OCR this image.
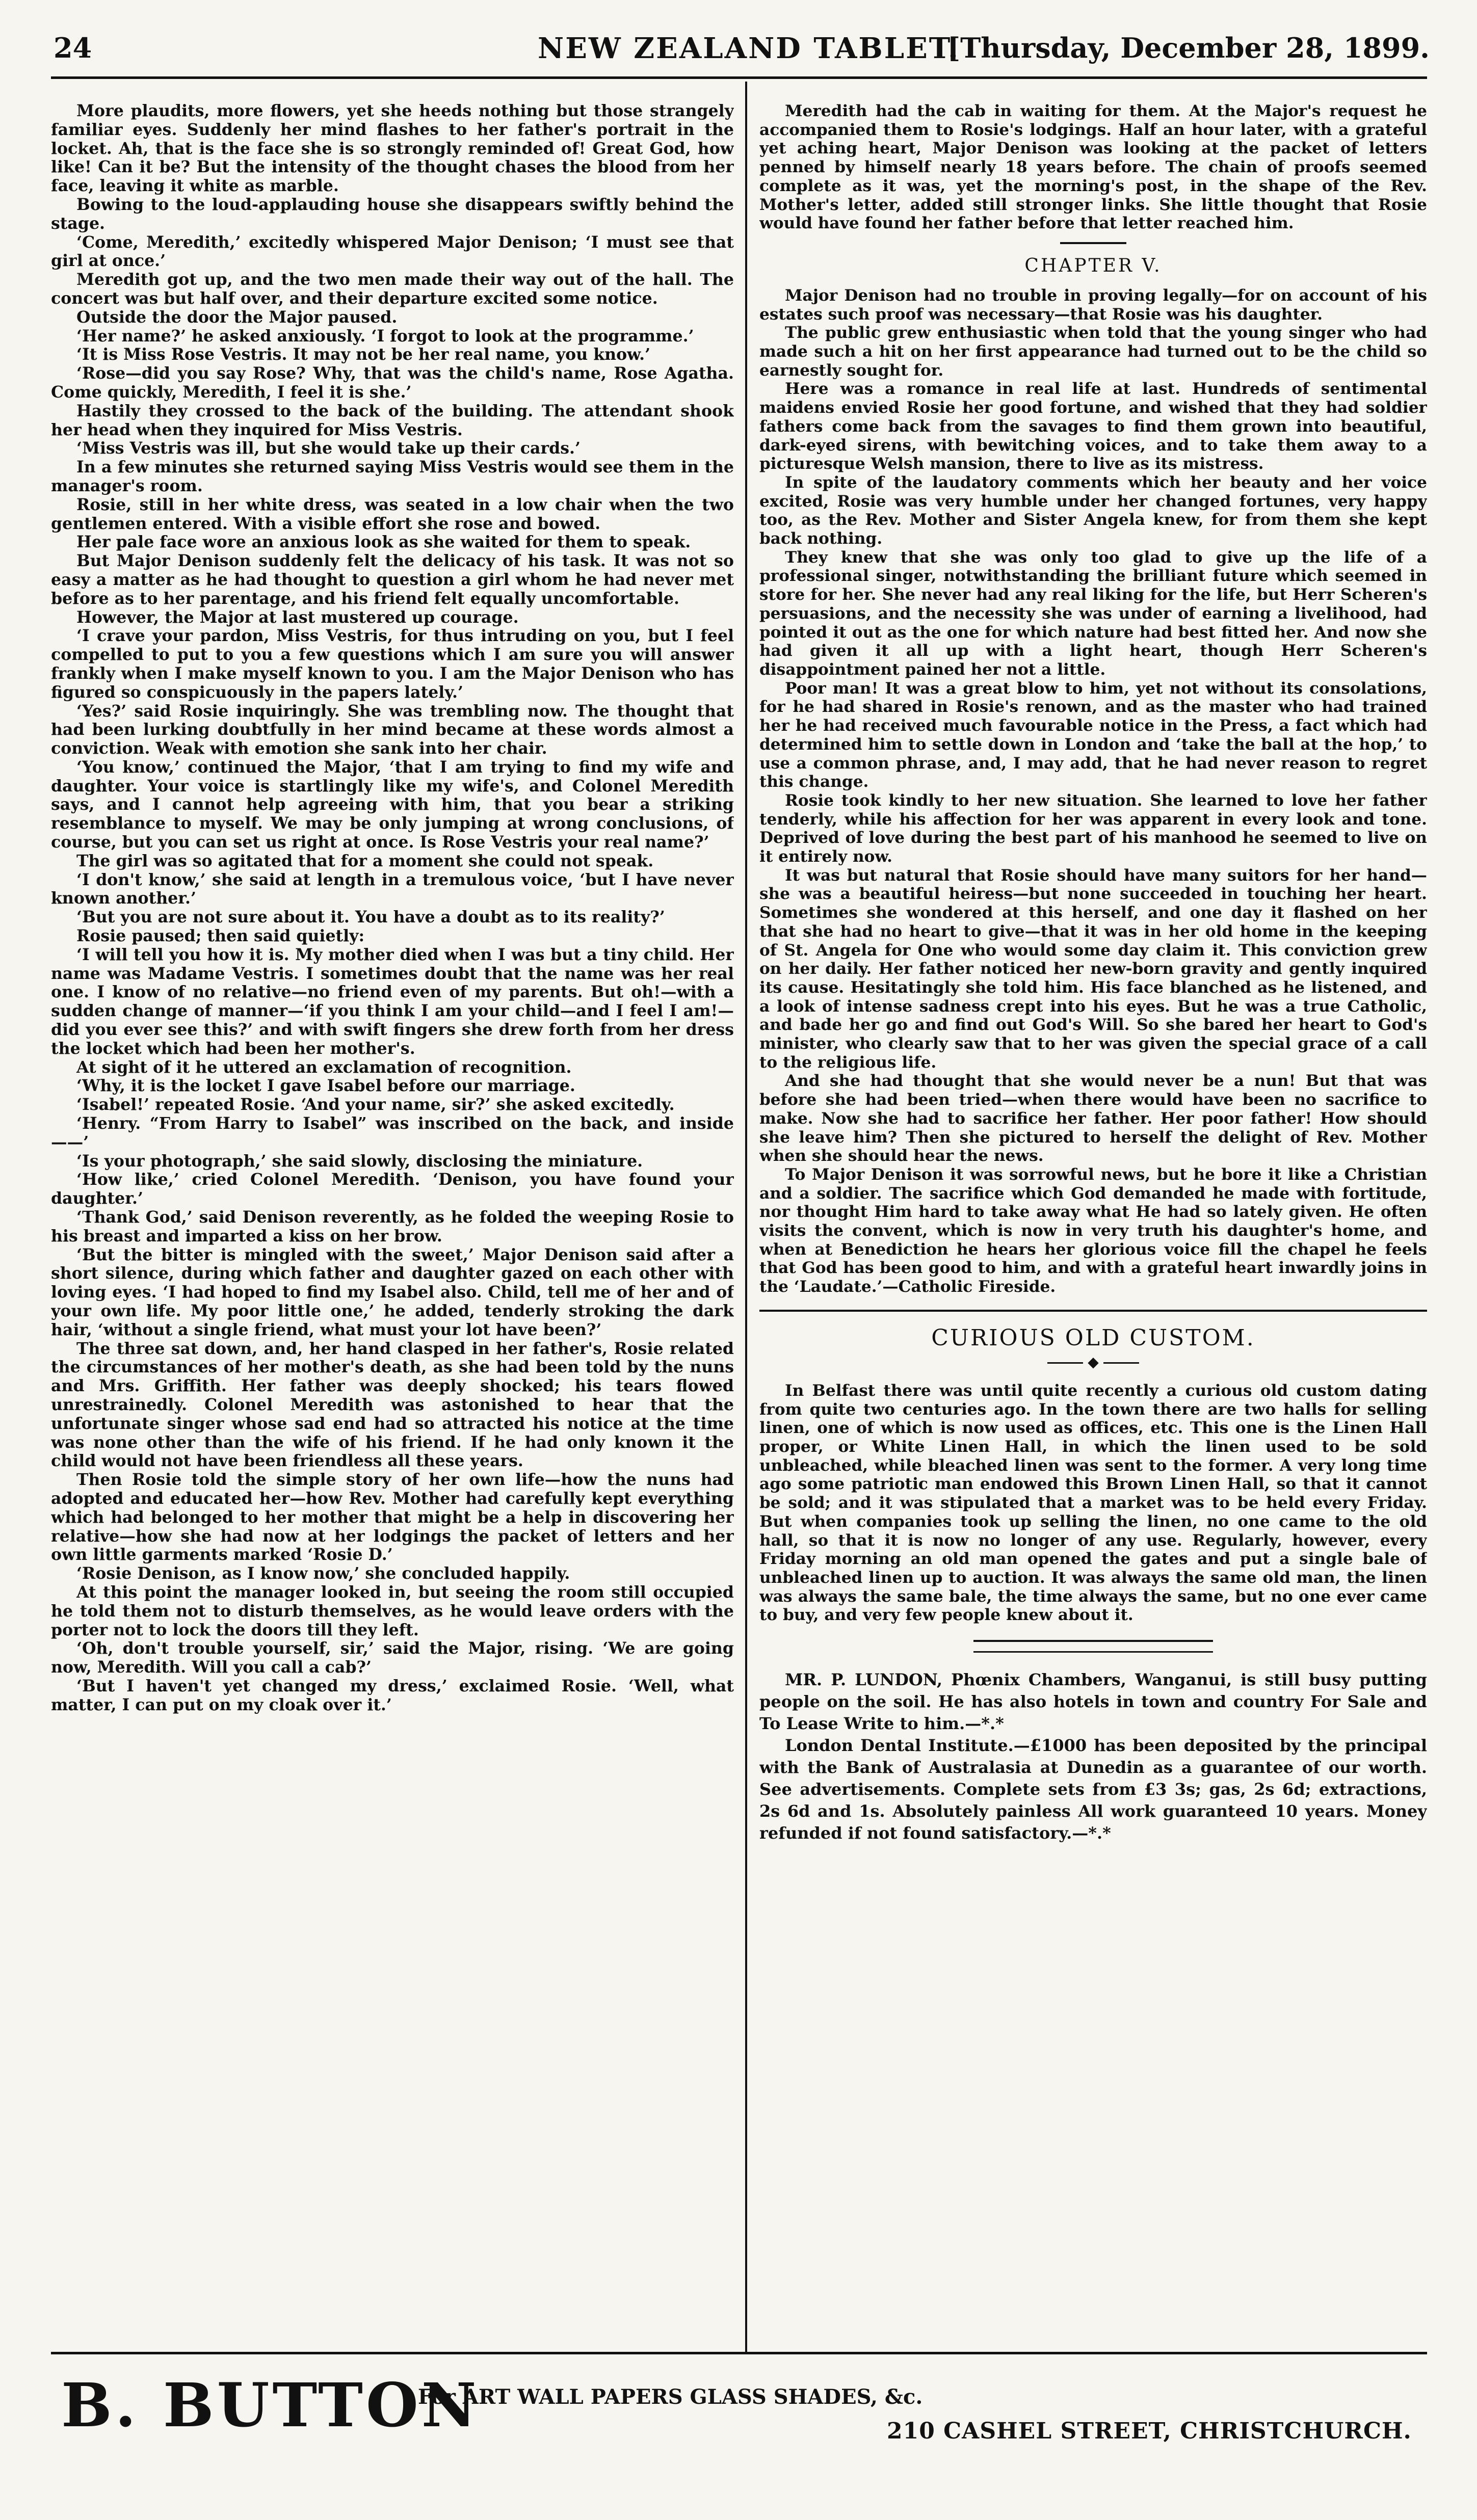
24	NEW ZEALAND TABLET.
[Thursday, December 28, 1899.

More plaudits, more flowers, yet she heeds nothing but those strangely familiar eyes. Suddenly her mind flashes to her father's portrait in the locket. Ah, that is the face she is so strongly reminded of! Great God, how like! Can it be? But the intensity of the thought chases the blood from her face, leaving it white as marble.

Bowing to the loud-applauding house she disappears swiftly behind the stage.

‘Come, Meredith,’ excitedly whispered Major Denison; ‘I must see that girl at once.’

Meredith got up, and the two men made their way out of the hall. The concert was but half over, and their departure excited some notice.

Outside the door the Major paused.

‘Her name?’ he asked anxiously. ‘I forgot to look at the programme.’

‘It is Miss Rose Vestris. It may not be her real name, you know.’

‘Rose—did you say Rose? Why, that was the child's name, Rose Agatha. Come quickly, Meredith, I feel it is she.’

Hastily they crossed to the back of the building. The attendant shook her head when they inquired for Miss Vestris.

‘Miss Vestris was ill, but she would take up their cards.’

In a few minutes she returned saying Miss Vestris would see them in the manager's room.

Rosie, still in her white dress, was seated in a low chair when the two gentlemen entered. With a visible effort she rose and bowed.

Her pale face wore an anxious look as she waited for them to speak.

But Major Denison suddenly felt the delicacy of his task. It was not so easy a matter as he had thought to question a girl whom he had never met before as to her parentage, and his friend felt equally uncomfortable.

However, the Major at last mustered up courage.

‘I crave your pardon, Miss Vestris, for thus intruding on you, but I feel compelled to put to you a few questions which I am sure you will answer frankly when I make myself known to you. I am the Major Denison who has figured so conspicuously in the papers lately.’

‘Yes?’ said Rosie inquiringly. She was trembling now. The thought that had been lurking doubtfully in her mind became at these words almost a conviction. Weak with emotion she sank into her chair.

‘You know,’ continued the Major, ‘that I am trying to find my wife and daughter. Your voice is startlingly like my wife's, and Colonel Meredith says, and I cannot help agreeing with him, that you bear a striking resemblance to myself. We may be only jumping at wrong conclusions, of course, but you can set us right at once. Is Rose Vestris your real name?’

The girl was so agitated that for a moment she could not speak.

‘I don't know,’ she said at length in a tremulous voice, ‘but I have never known another.’

‘But you are not sure about it. You have a doubt as to its reality?’

Rosie paused; then said quietly:

‘I will tell you how it is. My mother died when I was but a tiny child. Her name was Madame Vestris. I sometimes doubt that the name was her real one. I know of no relative—no friend even of my parents. But oh!—with a sudden change of manner—‘if you think I am your child—and I feel I am!—did you ever see this?’ and with swift fingers she drew forth from her dress the locket which had been her mother's.

At sight of it he uttered an exclamation of recognition.

‘Why, it is the locket I gave Isabel before our marriage.

‘Isabel!’ repeated Rosie. ‘And your name, sir?’ she asked excitedly.

‘Henry. “From Harry to Isabel” was inscribed on the back, and inside——’

‘Is your photograph,’ she said slowly, disclosing the miniature.

‘How like,’ cried Colonel Meredith. ‘Denison, you have found your daughter.’

‘Thank God,’ said Denison reverently, as he folded the weeping Rosie to his breast and imparted a kiss on her brow.

‘But the bitter is mingled with the sweet,’ Major Denison said after a short silence, during which father and daughter gazed on each other with loving eyes. ‘I had hoped to find my Isabel also. Child, tell me of her and of your own life. My poor little one,’ he added, tenderly stroking the dark hair, ‘without a single friend, what must your lot have been?’

The three sat down, and, her hand clasped in her father's, Rosie related the circumstances of her mother's death, as she had been told by the nuns and Mrs. Griffith. Her father was deeply shocked; his tears flowed unrestrainedly. Colonel Meredith was astonished to hear that the unfortunate singer whose sad end had so attracted his notice at the time was none other than the wife of his friend. If he had only known it the child would not have been friendless all these years.

Then Rosie told the simple story of her own life—how the nuns had adopted and educated her—how Rev. Mother had carefully kept everything which had belonged to her mother that might be a help in discovering her relative—how she had now at her lodgings the packet of letters and her own little garments marked ‘Rosie D.’

‘Rosie Denison, as I know now,’ she concluded happily.

At this point the manager looked in, but seeing the room still occupied he told them not to disturb themselves, as he would leave orders with the porter not to lock the doors till they left.

‘Oh, don't trouble yourself, sir,’ said the Major, rising. ‘We are going now, Meredith. Will you call a cab?’

‘But I haven't yet changed my dress,’ exclaimed Rosie. ‘Well, what matter, I can put on my cloak over it.’

Meredith had the cab in waiting for them. At the Major's request he accompanied them to Rosie's lodgings. Half an hour later, with a grateful yet aching heart, Major Denison was looking at the packet of letters penned by himself nearly 18 years before. The chain of proofs seemed complete as it was, yet the morning's post, in the shape of the Rev. Mother's letter, added still stronger links. She little thought that Rosie would have found her father before that letter reached him.

CHAPTER V.

Major Denison had no trouble in proving legally—for on account of his estates such proof was necessary—that Rosie was his daughter.

The public grew enthusiastic when told that the young singer who had made such a hit on her first appearance had turned out to be the child so earnestly sought for.

Here was a romance in real life at last. Hundreds of sentimental maidens envied Rosie her good fortune, and wished that they had soldier fathers come back from the savages to find them grown into beautiful, dark-eyed sirens, with bewitching voices, and to take them away to a picturesque Welsh mansion, there to live as its mistress.

In spite of the laudatory comments which her beauty and her voice excited, Rosie was very humble under her changed fortunes, very happy too, as the Rev. Mother and Sister Angela knew, for from them she kept back nothing.

They knew that she was only too glad to give up the life of a professional singer, notwithstanding the brilliant future which seemed in store for her. She never had any real liking for the life, but Herr Scheren's persuasions, and the necessity she was under of earning a livelihood, had pointed it out as the one for which nature had best fitted her. And now she had given it all up with a light heart, though Herr Scheren's disappointment pained her not a little.

Poor man! It was a great blow to him, yet not without its consolations, for he had shared in Rosie's renown, and as the master who had trained her he had received much favourable notice in the Press, a fact which had determined him to settle down in London and ‘take the ball at the hop,’ to use a common phrase, and, I may add, that he had never reason to regret this change.

Rosie took kindly to her new situation. She learned to love her father tenderly, while his affection for her was apparent in every look and tone. Deprived of love during the best part of his manhood he seemed to live on it entirely now.

It was but natural that Rosie should have many suitors for her hand—she was a beautiful heiress—but none succeeded in touching her heart. Sometimes she wondered at this herself, and one day it flashed on her that she had no heart to give—that it was in her old home in the keeping of St. Angela for One who would some day claim it. This conviction grew on her daily. Her father noticed her new-born gravity and gently inquired its cause. Hesitatingly she told him. His face blanched as he listened, and a look of intense sadness crept into his eyes. But he was a true Catholic, and bade her go and find out God's Will. So she bared her heart to God's minister, who clearly saw that to her was given the special grace of a call to the religious life.

And she had thought that she would never be a nun! But that was before she had been tried—when there would have been no sacrifice to make. Now she had to sacrifice her father. Her poor father! How should she leave him? Then she pictured to herself the delight of Rev. Mother when she should hear the news.

To Major Denison it was sorrowful news, but he bore it like a Christian and a soldier. The sacrifice which God demanded he made with fortitude, nor thought Him hard to take away what He had so lately given. He often visits the convent, which is now in very truth his daughter's home, and when at Benediction he hears her glorious voice fill the chapel he feels that God has been good to him, and with a grateful heart inwardly joins in the ‘Laudate.’—Catholic Fireside.

CURIOUS OLD CUSTOM.
◆

In Belfast there was until quite recently a curious old custom dating from quite two centuries ago. In the town there are two halls for selling linen, one of which is now used as offices, etc. This one is the Linen Hall proper, or White Linen Hall, in which the linen used to be sold unbleached, while bleached linen was sent to the former. A very long time ago some patriotic man endowed this Brown Linen Hall, so that it cannot be sold; and it was stipulated that a market was to be held every Friday. But when companies took up selling the linen, no one came to the old hall, so that it is now no longer of any use. Regularly, however, every Friday morning an old man opened the gates and put a single bale of unbleached linen up to auction. It was always the same old man, the linen was always the same bale, the time always the same, but no one ever came to buy, and very few people knew about it.

MR. P. LUNDON, Phœnix Chambers, Wanganui, is still busy putting people on the soil. He has also hotels in town and country For Sale and To Lease Write to him.—*.*

London Dental Institute.—£1000 has been deposited by the principal with the Bank of Australasia at Dunedin as a guarantee of our worth. See advertisements. Complete sets from £3 3s; gas, 2s 6d; extractions, 2s 6d and 1s. Absolutely painless All work guaranteed 10 years. Money refunded if not found satisfactory.—*.*

B. BUTTON
For ART WALL PAPERS GLASS SHADES, &c.
210 CASHEL STREET, CHRISTCHURCH.
